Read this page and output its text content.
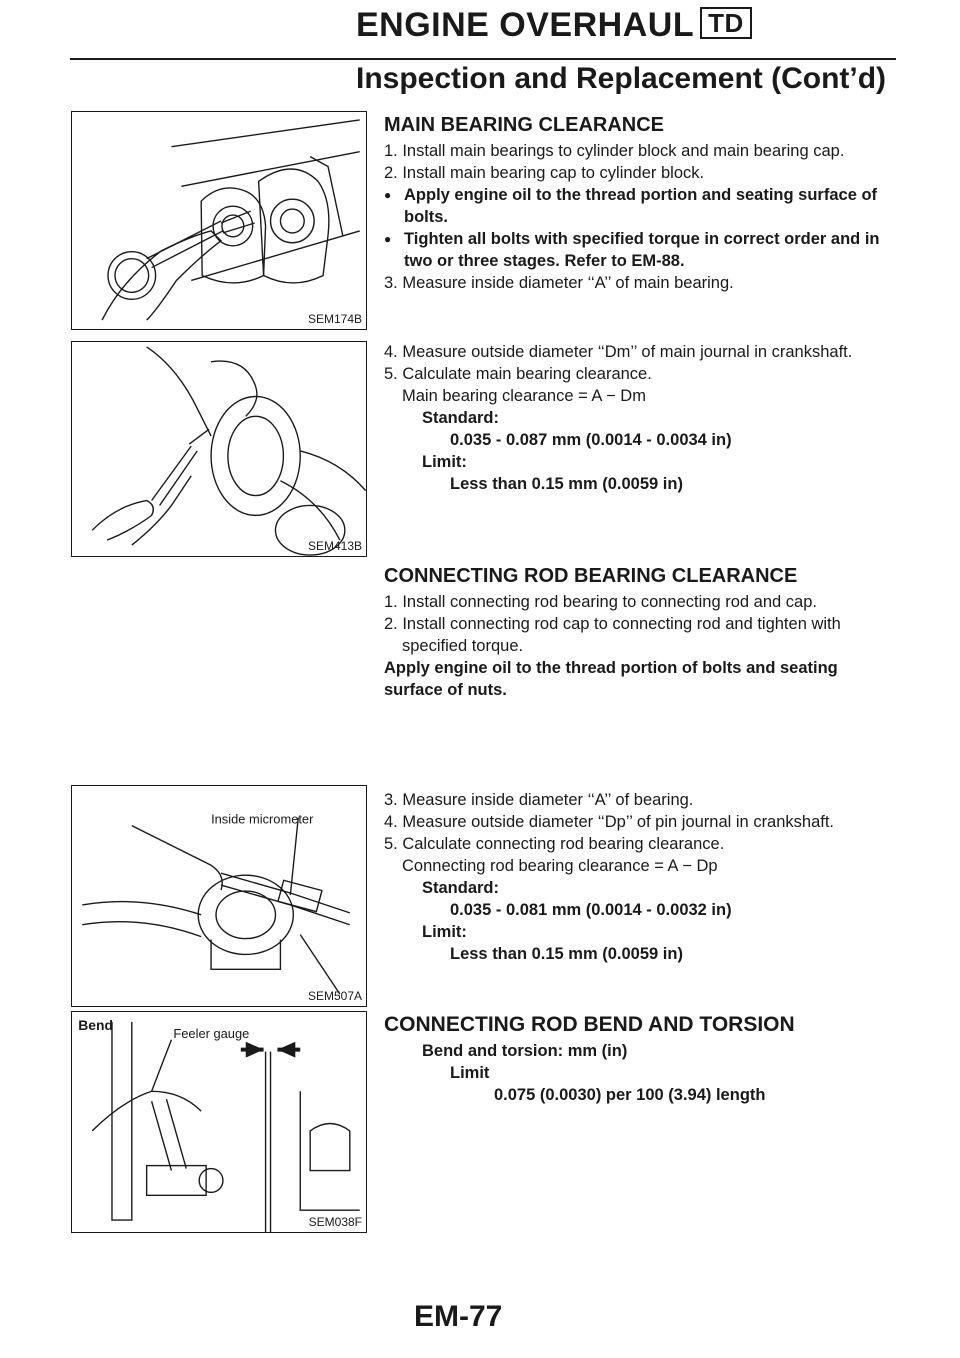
ENGINE OVERHAUL TD
Inspection and Replacement (Cont’d)
SEM174B
SEM413B
Inside micrometer
SEM507A
Bend
Feeler gauge
SEM038F
MAIN BEARING CLEARANCE

1. Install main bearings to cylinder block and main bearing cap.

2. Install main bearing cap to cylinder block.

● Apply engine oil to the thread portion and seating surface of bolts.

● Tighten all bolts with specified torque in correct order and in two or three stages. Refer to EM-88.

3. Measure inside diameter ‘‘A’’ of main bearing.

4. Measure outside diameter ‘‘Dm’’ of main journal in crankshaft.

5. Calculate main bearing clearance.

Main bearing clearance = A − Dm

Standard:

0.035 - 0.087 mm (0.0014 - 0.0034 in)

Limit:

Less than 0.15 mm (0.0059 in)

CONNECTING ROD BEARING CLEARANCE

1. Install connecting rod bearing to connecting rod and cap.

2. Install connecting rod cap to connecting rod and tighten with specified torque.

Apply engine oil to the thread portion of bolts and seating surface of nuts.

3. Measure inside diameter ‘‘A’’ of bearing.

4. Measure outside diameter ‘‘Dp’’ of pin journal in crankshaft.

5. Calculate connecting rod bearing clearance.

Connecting rod bearing clearance = A − Dp

Standard:

0.035 - 0.081 mm (0.0014 - 0.0032 in)

Limit:

Less than 0.15 mm (0.0059 in)

CONNECTING ROD BEND AND TORSION

Bend and torsion: mm (in)

Limit

0.075 (0.0030) per 100 (3.94) length

EM-77
